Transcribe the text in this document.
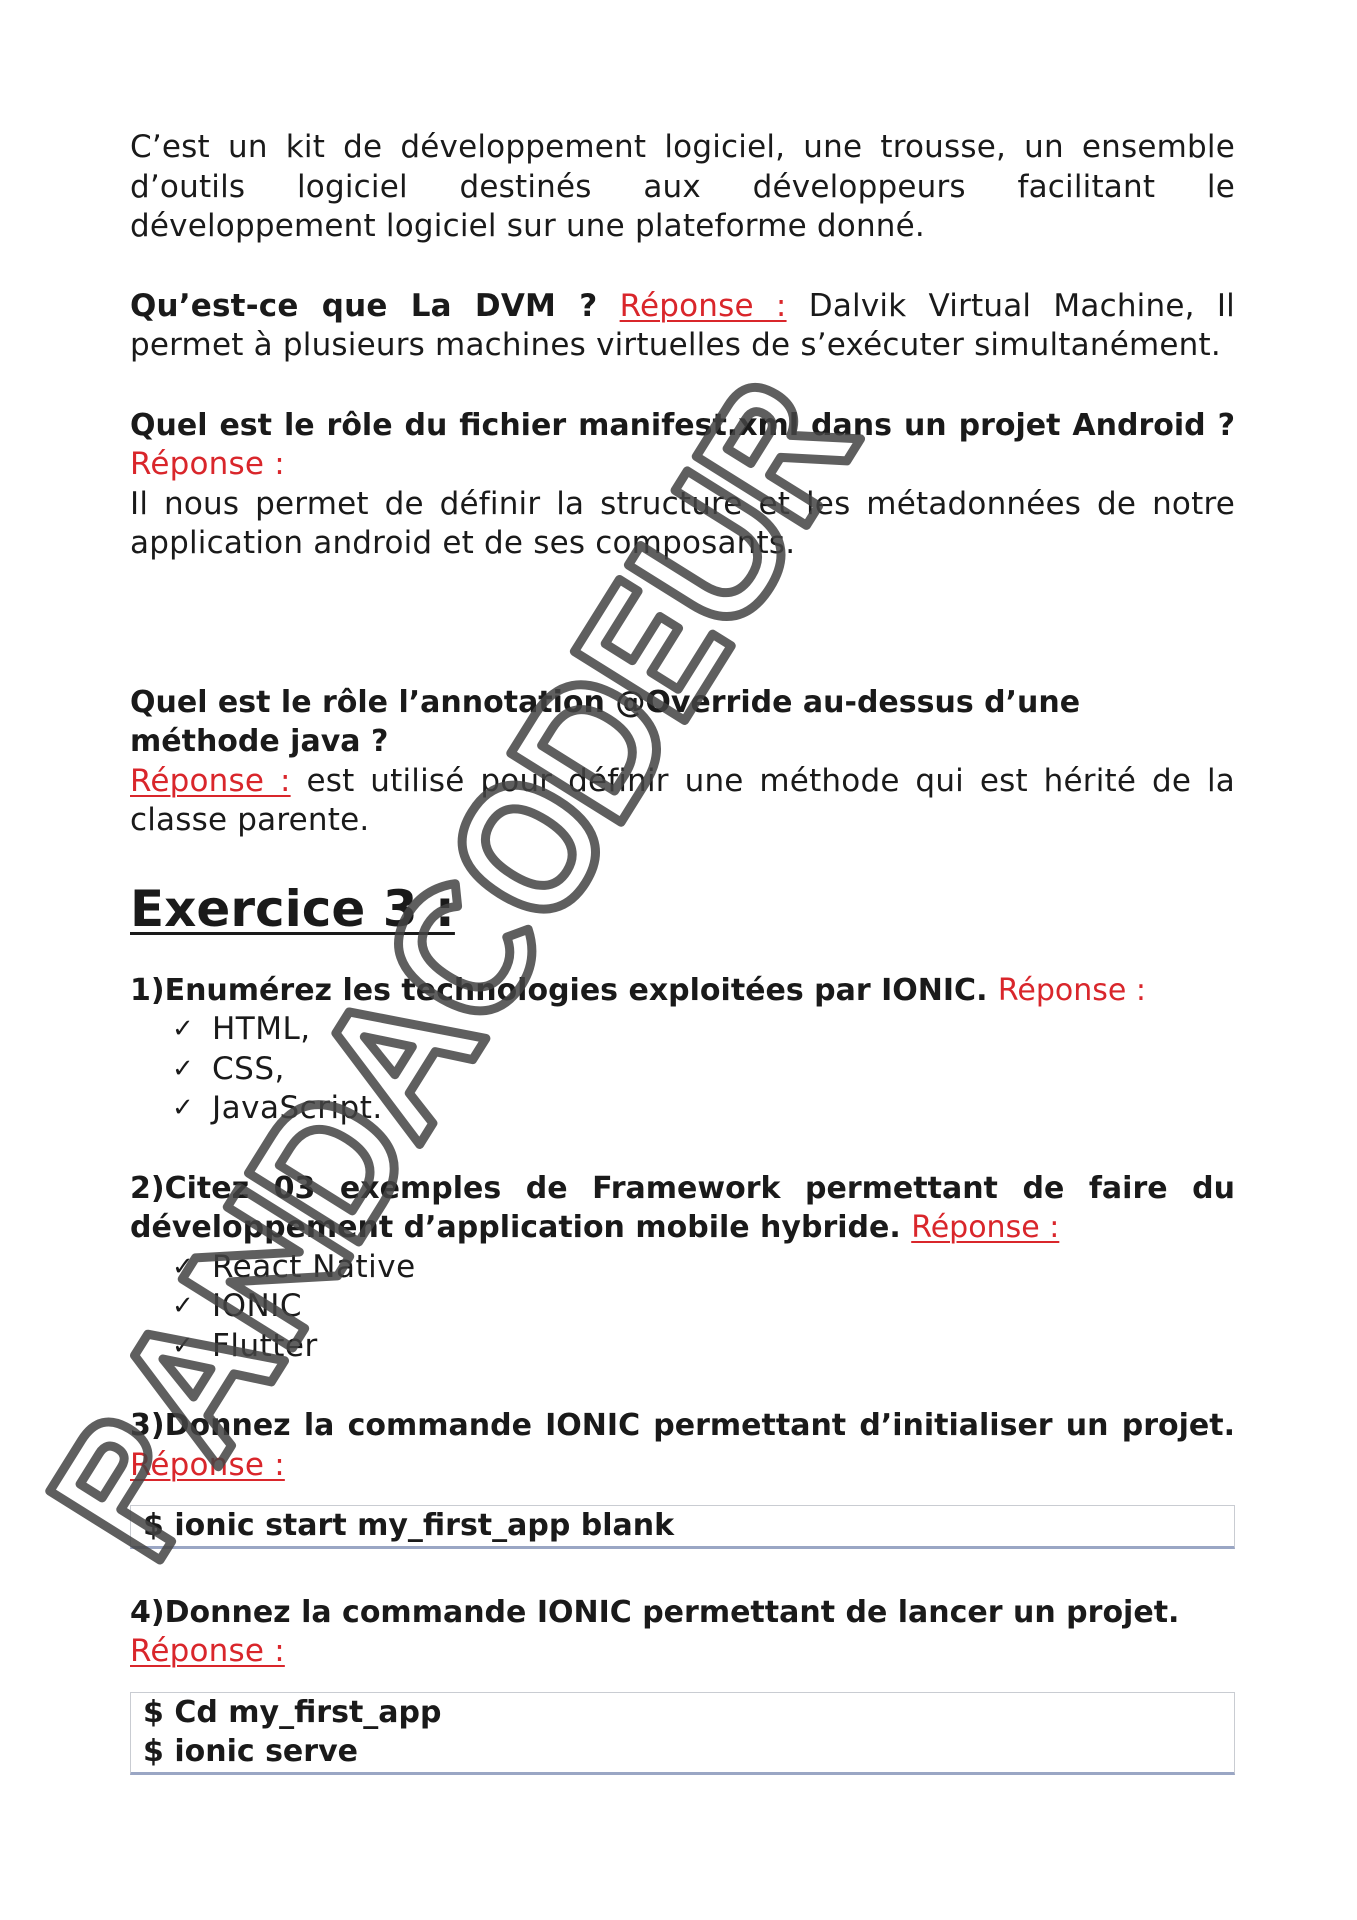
C’est un kit de développement logiciel, une trousse, un ensemble d’outils logiciel destinés aux développeurs facilitant le développement logiciel sur une plateforme donné.

Qu’est-ce que La DVM ? Réponse : Dalvik Virtual Machine, Il permet à plusieurs machines virtuelles de s’exécuter simultanément.

Quel est le rôle du fichier manifest.xml dans un projet Android ?

Réponse :

Il nous permet de définir la structure et les métadonnées de notre application android et de ses composants.

Quel est le rôle l’annotation @Override au-dessus d’une méthode java ?

Réponse : est utilisé pour définir une méthode qui est hérité de la classe parente.

Exercice 3 :

1)Enumérez les technologies exploitées par IONIC. Réponse :

✓ HTML,
✓ CSS,
✓ JavaScript.

2)Citez 03 exemples de Framework permettant de faire du développement d’application mobile hybride. Réponse :

✓ React Native
✓ IONIC
✓ Flutter

3)Donnez la commande IONIC permettant d’initialiser un projet.

Réponse :

$ ionic start my_first_app blank

4)Donnez la commande IONIC permettant de lancer un projet.

Réponse :

$ Cd my_first_app
$ ionic serve
